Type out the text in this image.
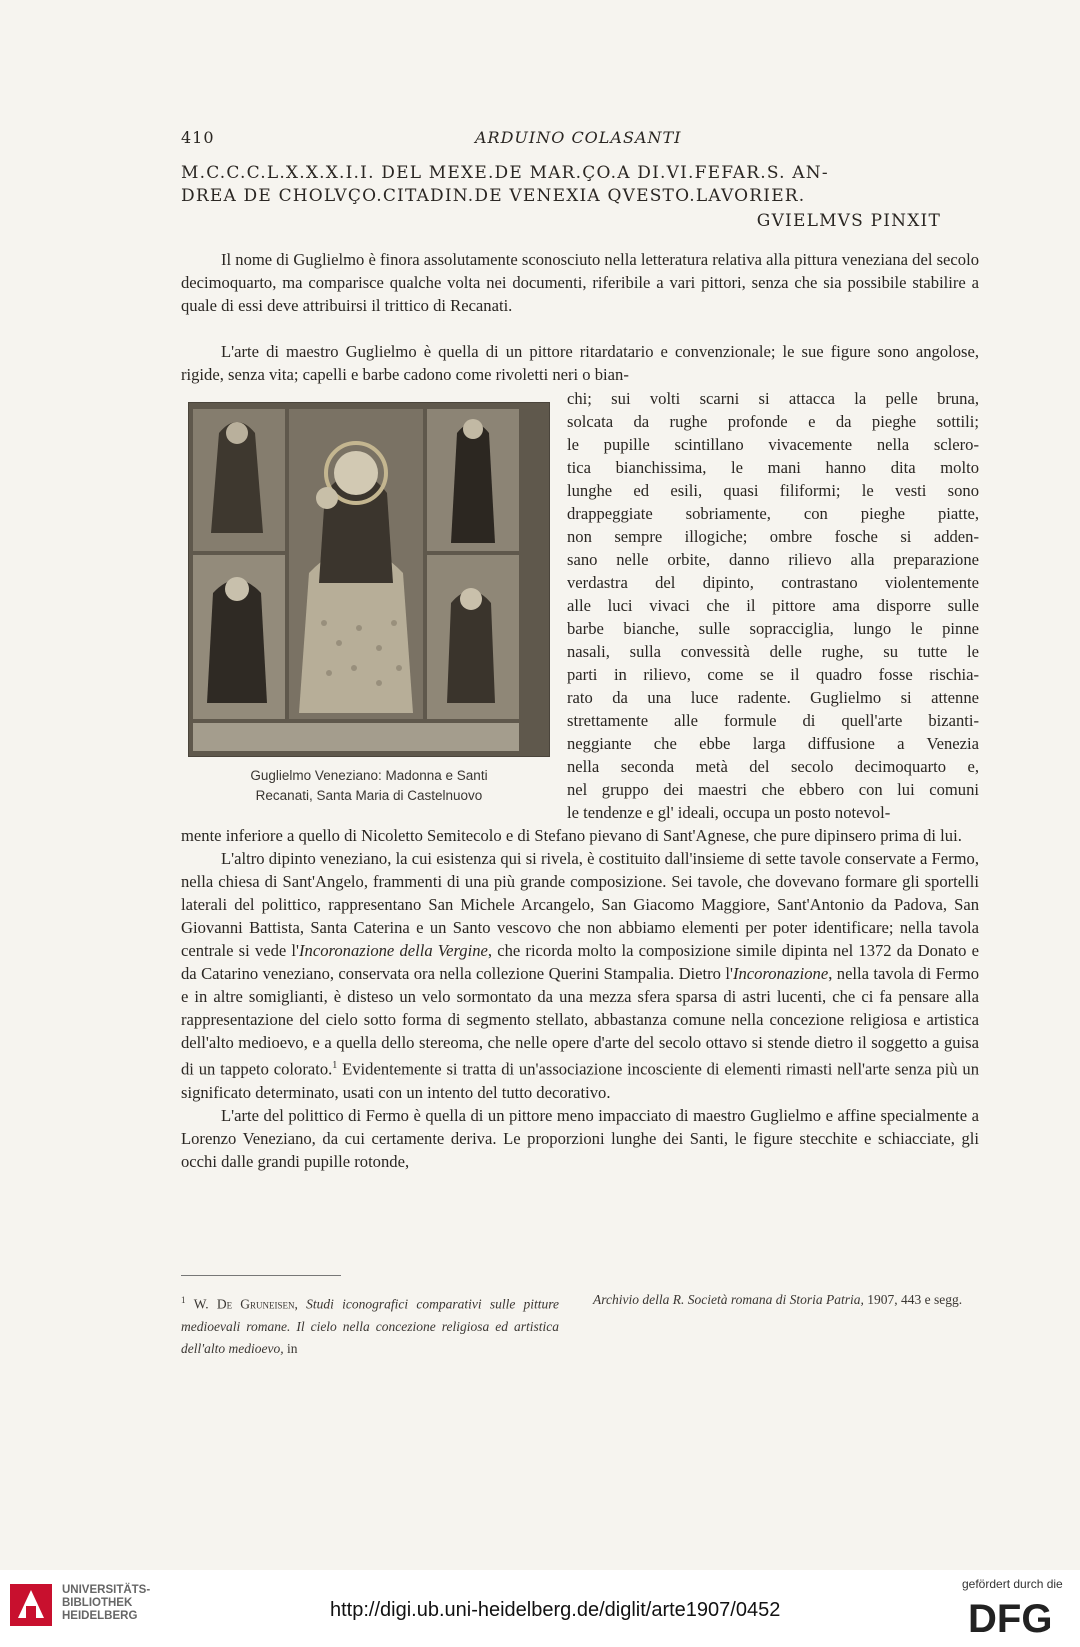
410	ARDUINO COLASANTI
M.C.C.C.L.X.X.X.I.I. DEL MEXE.DE MAR.ÇO.A DI.VI.FEFAR.S. AN-
DREA DE CHOLVÇO.CITADIN.DE VENEXIA QVESTO.LAVORIER.
GVIELMVS PINXIT

Il nome di Guglielmo è finora assolutamente sconosciuto nella letteratura relativa alla pittura veneziana del secolo decimoquarto, ma comparisce qualche volta nei documenti, riferibile a vari pittori, senza che sia possibile stabilire a quale di essi deve attribuirsi il trittico di Recanati.

L'arte di maestro Guglielmo è quella di un pittore ritardatario e convenzionale; le sue figure sono angolose, rigide, senza vita; capelli e barbe cadono come rivoletti neri o bian-
chi; sui volti scarni si attacca la pelle bruna,
solcata da rughe profonde e da pieghe sottili;
le pupille scintillano vivacemente nella sclero-
tica bianchissima, le mani hanno dita molto
lunghe ed esili, quasi filiformi; le vesti sono
drappeggiate sobriamente, con pieghe piatte,
non sempre illogiche; ombre fosche si adden-
sano nelle orbite, danno rilievo alla preparazione
verdastra del dipinto, contrastano violentemente
alle luci vivaci che il pittore ama disporre sulle
barbe bianche, sulle sopracciglia, lungo le pinne
nasali, sulla convessità delle rughe, su tutte le
parti in rilievo, come se il quadro fosse rischia-
rato da una luce radente. Guglielmo si attenne
strettamente alle formule di quell'arte bizanti-
neggiante che ebbe larga diffusione a Venezia
nella seconda metà del secolo decimoquarto e,
nel gruppo dei maestri che ebbero con lui comuni
le tendenze e gl' ideali, occupa un posto notevol-
Guglielmo Veneziano: Madonna e Santi
Recanati, Santa Maria di Castelnuovo

mente inferiore a quello di Nicoletto Semitecolo e di Stefano pievano di Sant'Agnese, che pure dipinsero prima di lui.

L'altro dipinto veneziano, la cui esistenza qui si rivela, è costituito dall'insieme di sette tavole conservate a Fermo, nella chiesa di Sant'Angelo, frammenti di una più grande composizione. Sei tavole, che dovevano formare gli sportelli laterali del polittico, rappresentano San Michele Arcangelo, San Giacomo Maggiore, Sant'Antonio da Padova, San Giovanni Battista, Santa Caterina e un Santo vescovo che non abbiamo elementi per poter identificare; nella tavola centrale si vede l'Incoronazione della Vergine, che ricorda molto la composizione simile dipinta nel 1372 da Donato e da Catarino veneziano, conservata ora nella collezione Querini Stampalia. Dietro l'Incoronazione, nella tavola di Fermo e in altre somiglianti, è disteso un velo sormontato da una mezza sfera sparsa di astri lucenti, che ci fa pensare alla rappresentazione del cielo sotto forma di segmento stellato, abbastanza comune nella concezione religiosa e artistica dell'alto medioevo, e a quella dello stereoma, che nelle opere d'arte del secolo ottavo si stende dietro il soggetto a guisa di un tappeto colorato.$^1$ Evidentemente si tratta di un'associazione incosciente di elementi rimasti nell'arte senza più un significato determinato, usati con un intento del tutto decorativo.

L'arte del polittico di Fermo è quella di un pittore meno impacciato di maestro Guglielmo e affine specialmente a Lorenzo Veneziano, da cui certamente deriva. Le proporzioni lunghe dei Santi, le figure stecchite e schiacciate, gli occhi dalle grandi pupille rotonde,

$^1$ W. De Gruneisen, Studi iconografici comparativi sulle pitture medioevali romane. Il cielo nella concezione religiosa ed artistica dell'alto medioevo, in
Archivio della R. Società romana di Storia Patria, 1907, 443 e segg.
UNIVERSITÄTS-
BIBLIOTHEK
HEIDELBERG	http://digi.ub.uni-heidelberg.de/diglit/arte1907/0452
gefördert durch die
DFG
